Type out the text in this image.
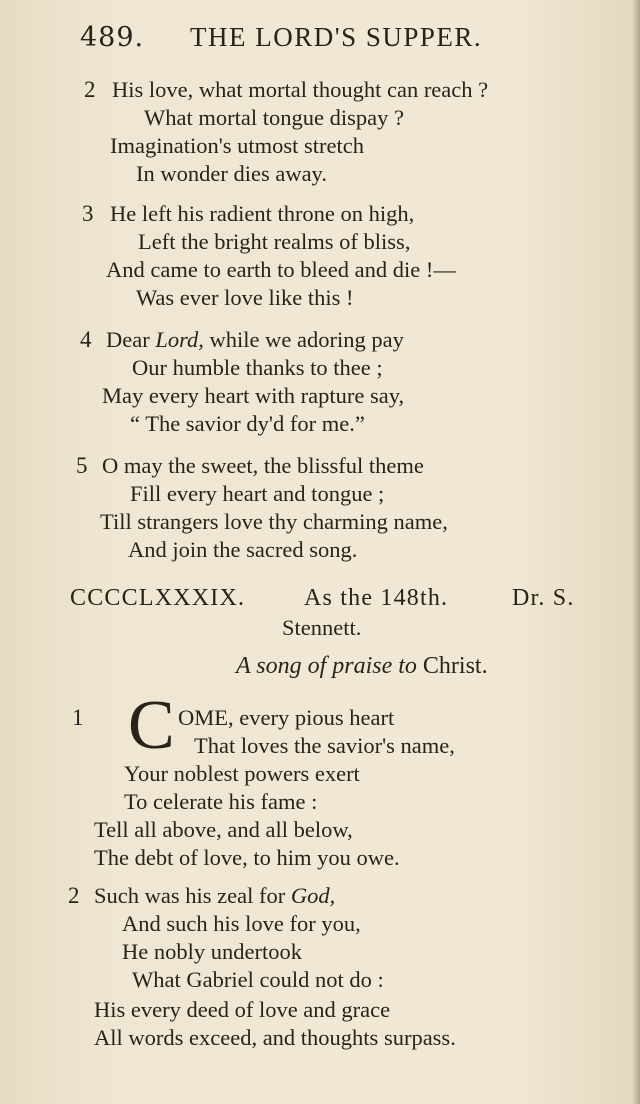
489.	THE LORD'S SUPPER.
2 His love, what mortal thought can reach ?
What mortal tongue dispay ?
Imagination's utmost stretch
In wonder dies away.
3 He left his radient throne on high,
Left the bright realms of bliss,
And came to earth to bleed and die !—
Was ever love like this !
4 Dear Lord, while we adoring pay
Our humble thanks to thee ;
May every heart with rapture say,
“ The savior dy'd for me.”
5 O may the sweet, the blissful theme
Fill every heart and tongue ;
Till strangers love thy charming name,
And join the sacred song.
CCCCLXXXIX. As the 148th.	Dr. S.
Stennett.
A song of praise to Christ.
1 C OME, every pious heart
That loves the savior's name,
Your noblest powers exert
To celerate his fame :
Tell all above, and all below,
The debt of love, to him you owe.
2 Such was his zeal for God,
And such his love for you,
He nobly undertook
What Gabriel could not do :
His every deed of love and grace
All words exceed, and thoughts surpass.
